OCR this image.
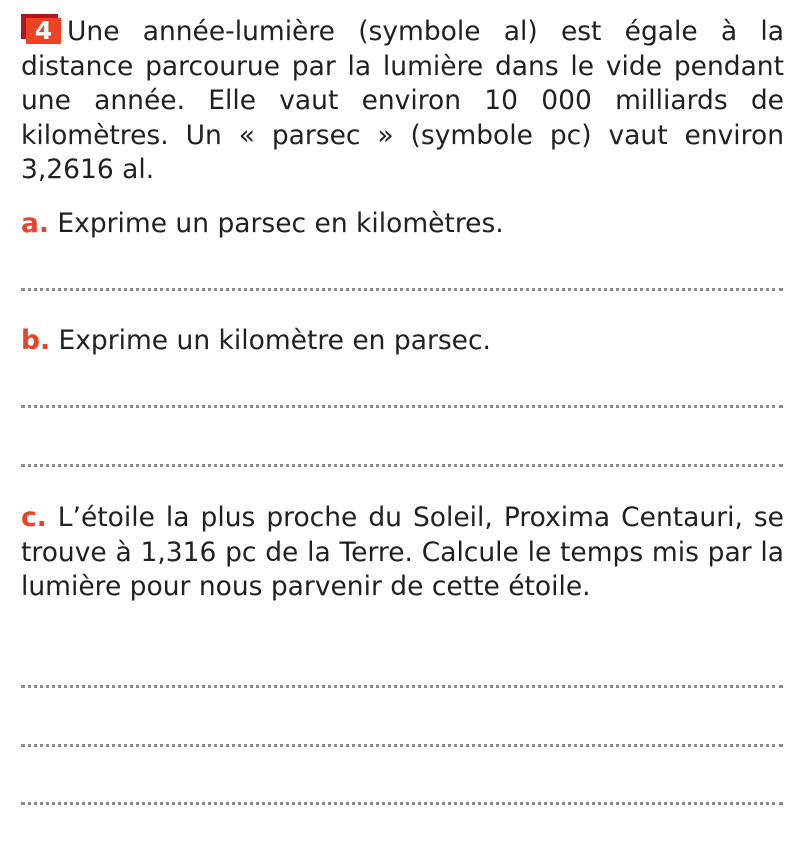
4 Une année-lumière (symbole al) est égale à la distance parcourue par la lumière dans le vide pendant une année. Elle vaut environ 10 000 milliards de kilomètres. Un « parsec » (symbole pc) vaut environ 3,2616 al.

a. Exprime un parsec en kilomètres.

b. Exprime un kilomètre en parsec.

c. L’étoile la plus proche du Soleil, Proxima Centauri, se trouve à 1,316 pc de la Terre. Calcule le temps mis par la lumière pour nous parvenir de cette étoile.
